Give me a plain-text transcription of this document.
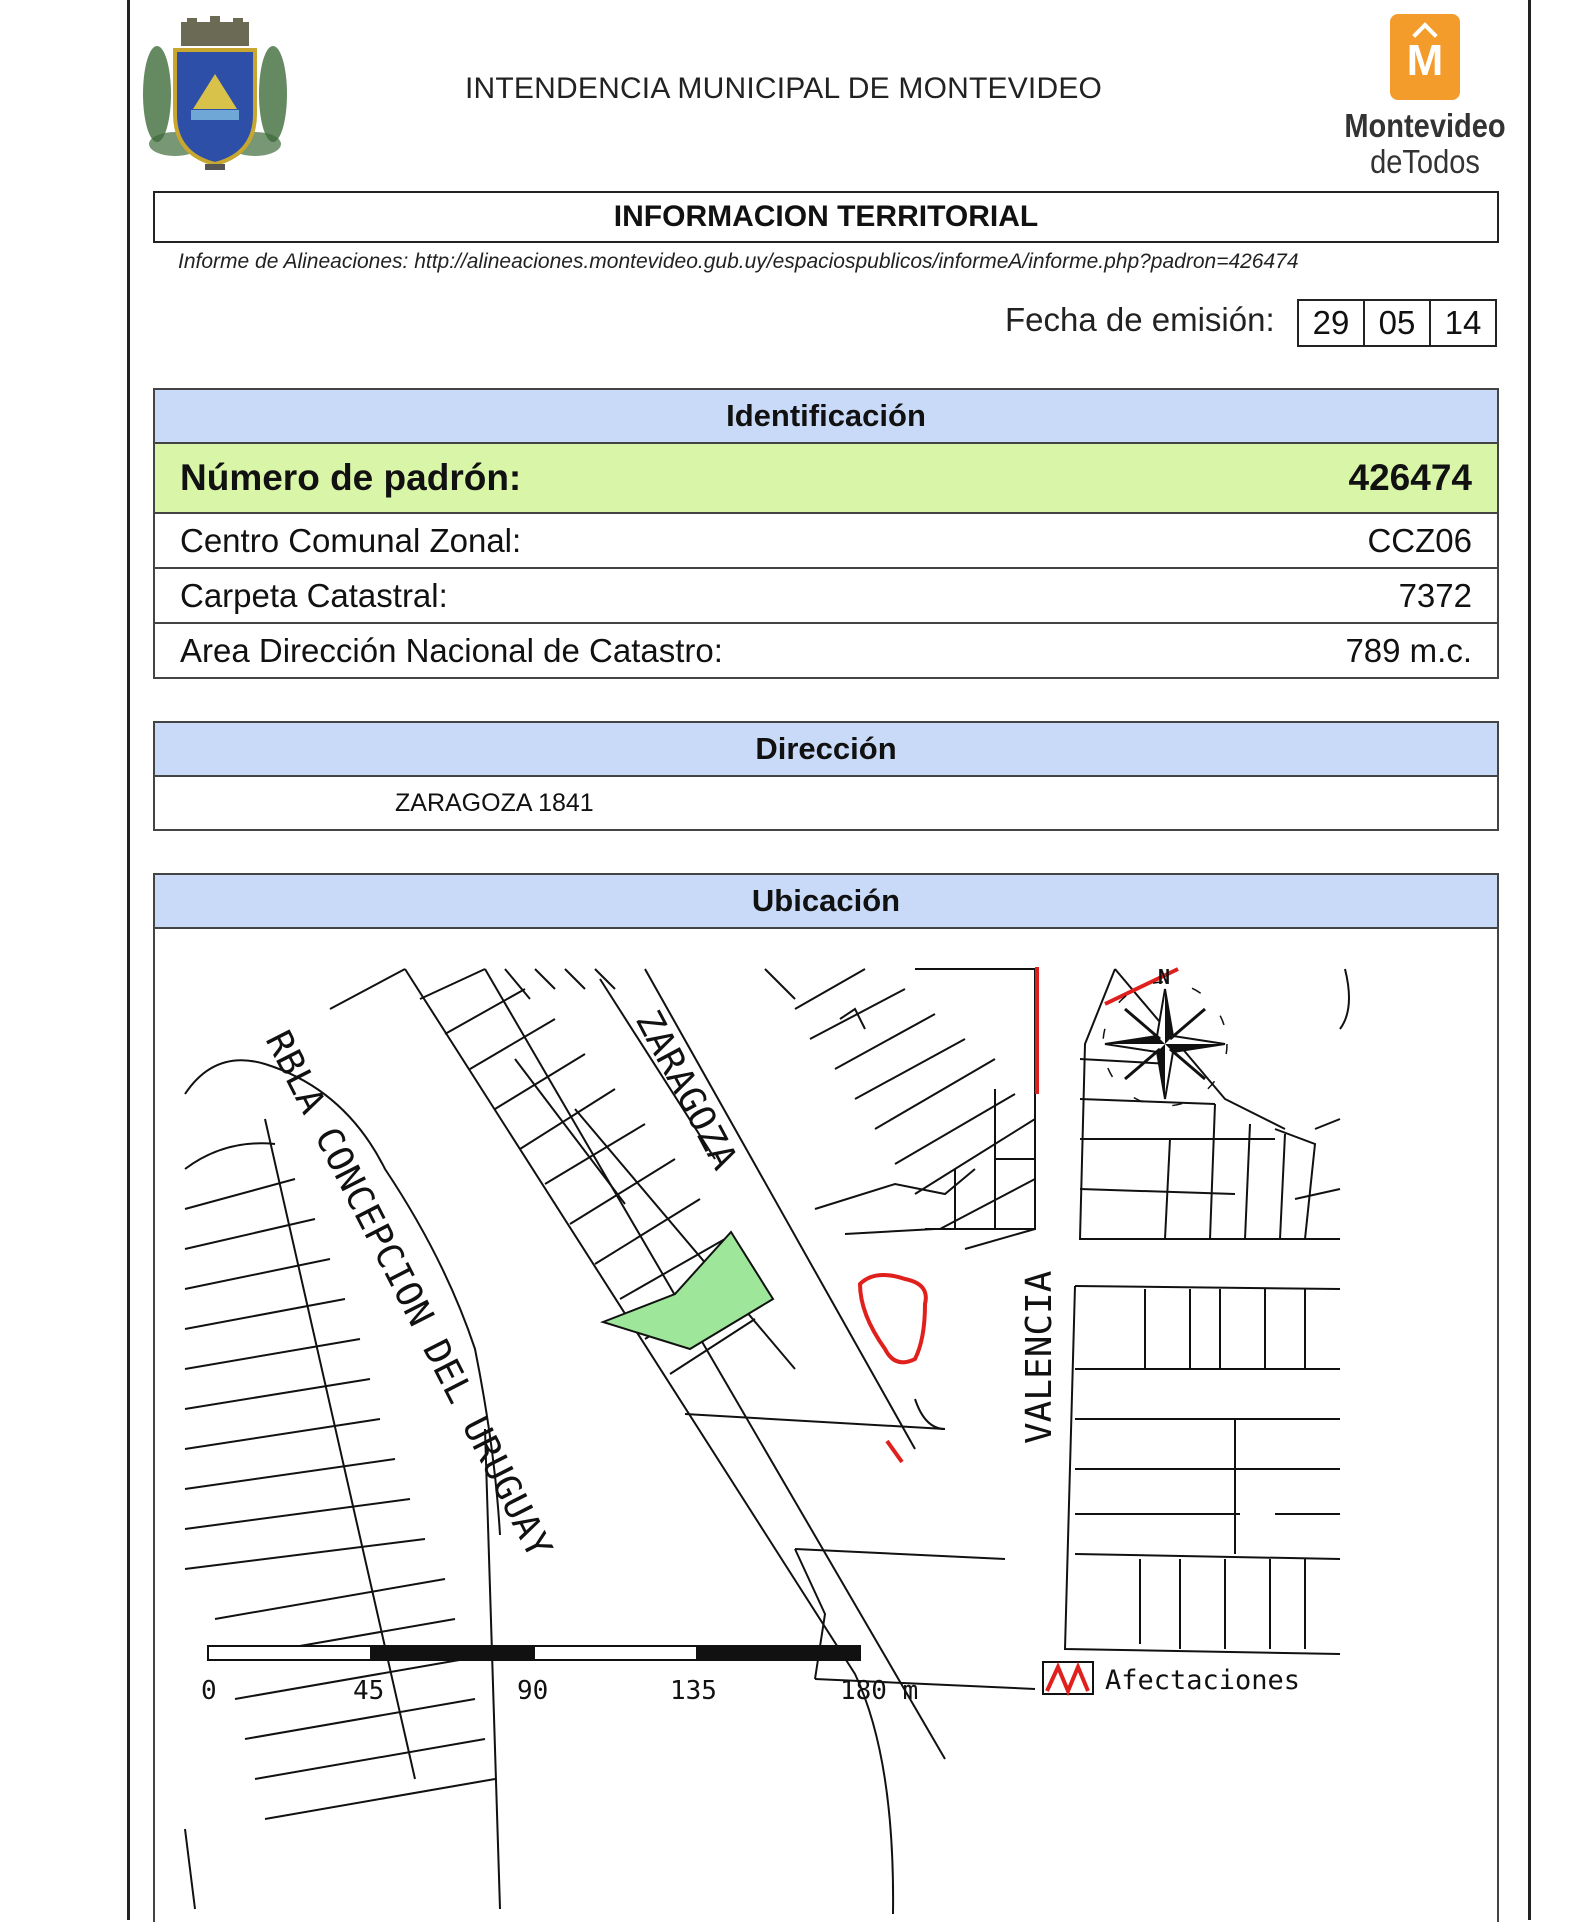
INTENDENCIA MUNICIPAL DE MONTEVIDEO
M
Montevideo
deTodos
INFORMACION TERRITORIAL
Informe de Alineaciones: http://alineaciones.montevideo.gub.uy/espaciospublicos/informeA/informe.php?padron=426474
Fecha de emisión:	29 05 14
Identificación
Número de padrón:	426474
Centro Comunal Zonal:	CCZ06
Carpeta Catastral:	7372
Area Dirección Nacional de Catastro:	789 m.c.
Dirección
ZARAGOZA 1841
Ubicación
RBLA CONCEPCION DEL URUGUAY ZARAGOZA
VALENCIA
N
0	45	90	135	180 m	Afectaciones
